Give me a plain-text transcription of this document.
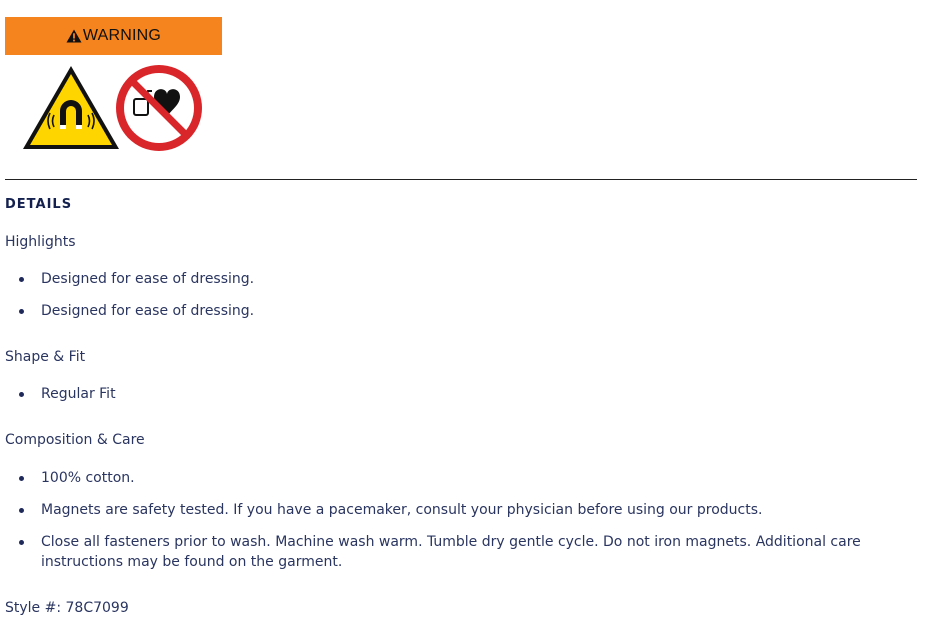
WARNING
DETAILS
Highlights
Designed for ease of dressing.
Designed for ease of dressing.
Shape & Fit
Regular Fit
Composition & Care
100% cotton.
Magnets are safety tested. If you have a pacemaker, consult your physician before using our products.
Close all fasteners prior to wash. Machine wash warm. Tumble dry gentle cycle. Do not iron magnets. Additional care instructions may be found on the garment.
Style #: 78C7099
